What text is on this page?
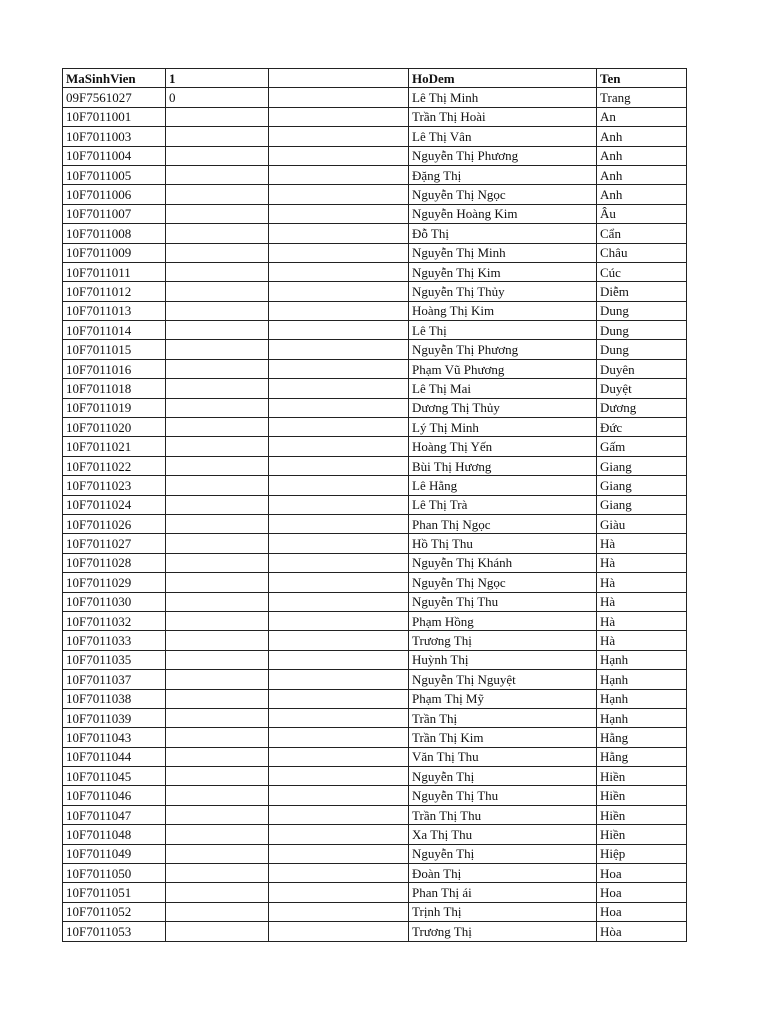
MaSinhVien	1		HoDem	Ten
09F7561027	0		Lê Thị Minh	Trang
10F7011001			Trần Thị Hoài	An
10F7011003			Lê Thị Vân	Anh
10F7011004			Nguyễn Thị Phương	Anh
10F7011005			Đặng Thị	Anh
10F7011006			Nguyễn Thị Ngọc	Anh
10F7011007			Nguyễn Hoàng Kim	Âu
10F7011008			Đỗ Thị	Cẩn
10F7011009			Nguyễn Thị Minh	Châu
10F7011011			Nguyễn Thị Kim	Cúc
10F7011012			Nguyễn Thị Thủy	Diễm
10F7011013			Hoàng Thị Kim	Dung
10F7011014			Lê Thị	Dung
10F7011015			Nguyễn Thị Phương	Dung
10F7011016			Phạm Vũ Phương	Duyên
10F7011018			Lê Thị Mai	Duyệt
10F7011019			Dương Thị Thủy	Dương
10F7011020			Lý Thị Minh	Đức
10F7011021			Hoàng Thị Yến	Gấm
10F7011022			Bùi Thị Hương	Giang
10F7011023			Lê Hằng	Giang
10F7011024			Lê Thị Trà	Giang
10F7011026			Phan Thị Ngọc	Giàu
10F7011027			Hồ Thị Thu	Hà
10F7011028			Nguyễn Thị Khánh	Hà
10F7011029			Nguyễn Thị Ngọc	Hà
10F7011030			Nguyễn Thị Thu	Hà
10F7011032			Phạm Hồng	Hà
10F7011033			Trương Thị	Hà
10F7011035			Huỳnh Thị	Hạnh
10F7011037			Nguyễn Thị Nguyệt	Hạnh
10F7011038			Phạm Thị Mỹ	Hạnh
10F7011039			Trần Thị	Hạnh
10F7011043			Trần Thị Kim	Hằng
10F7011044			Văn Thị Thu	Hằng
10F7011045			Nguyễn Thị	Hiền
10F7011046			Nguyễn Thị Thu	Hiền
10F7011047			Trần Thị Thu	Hiền
10F7011048			Xa Thị Thu	Hiền
10F7011049			Nguyễn Thị	Hiệp
10F7011050			Đoàn Thị	Hoa
10F7011051			Phan Thị ái	Hoa
10F7011052			Trịnh Thị	Hoa
10F7011053			Trương Thị	Hòa
